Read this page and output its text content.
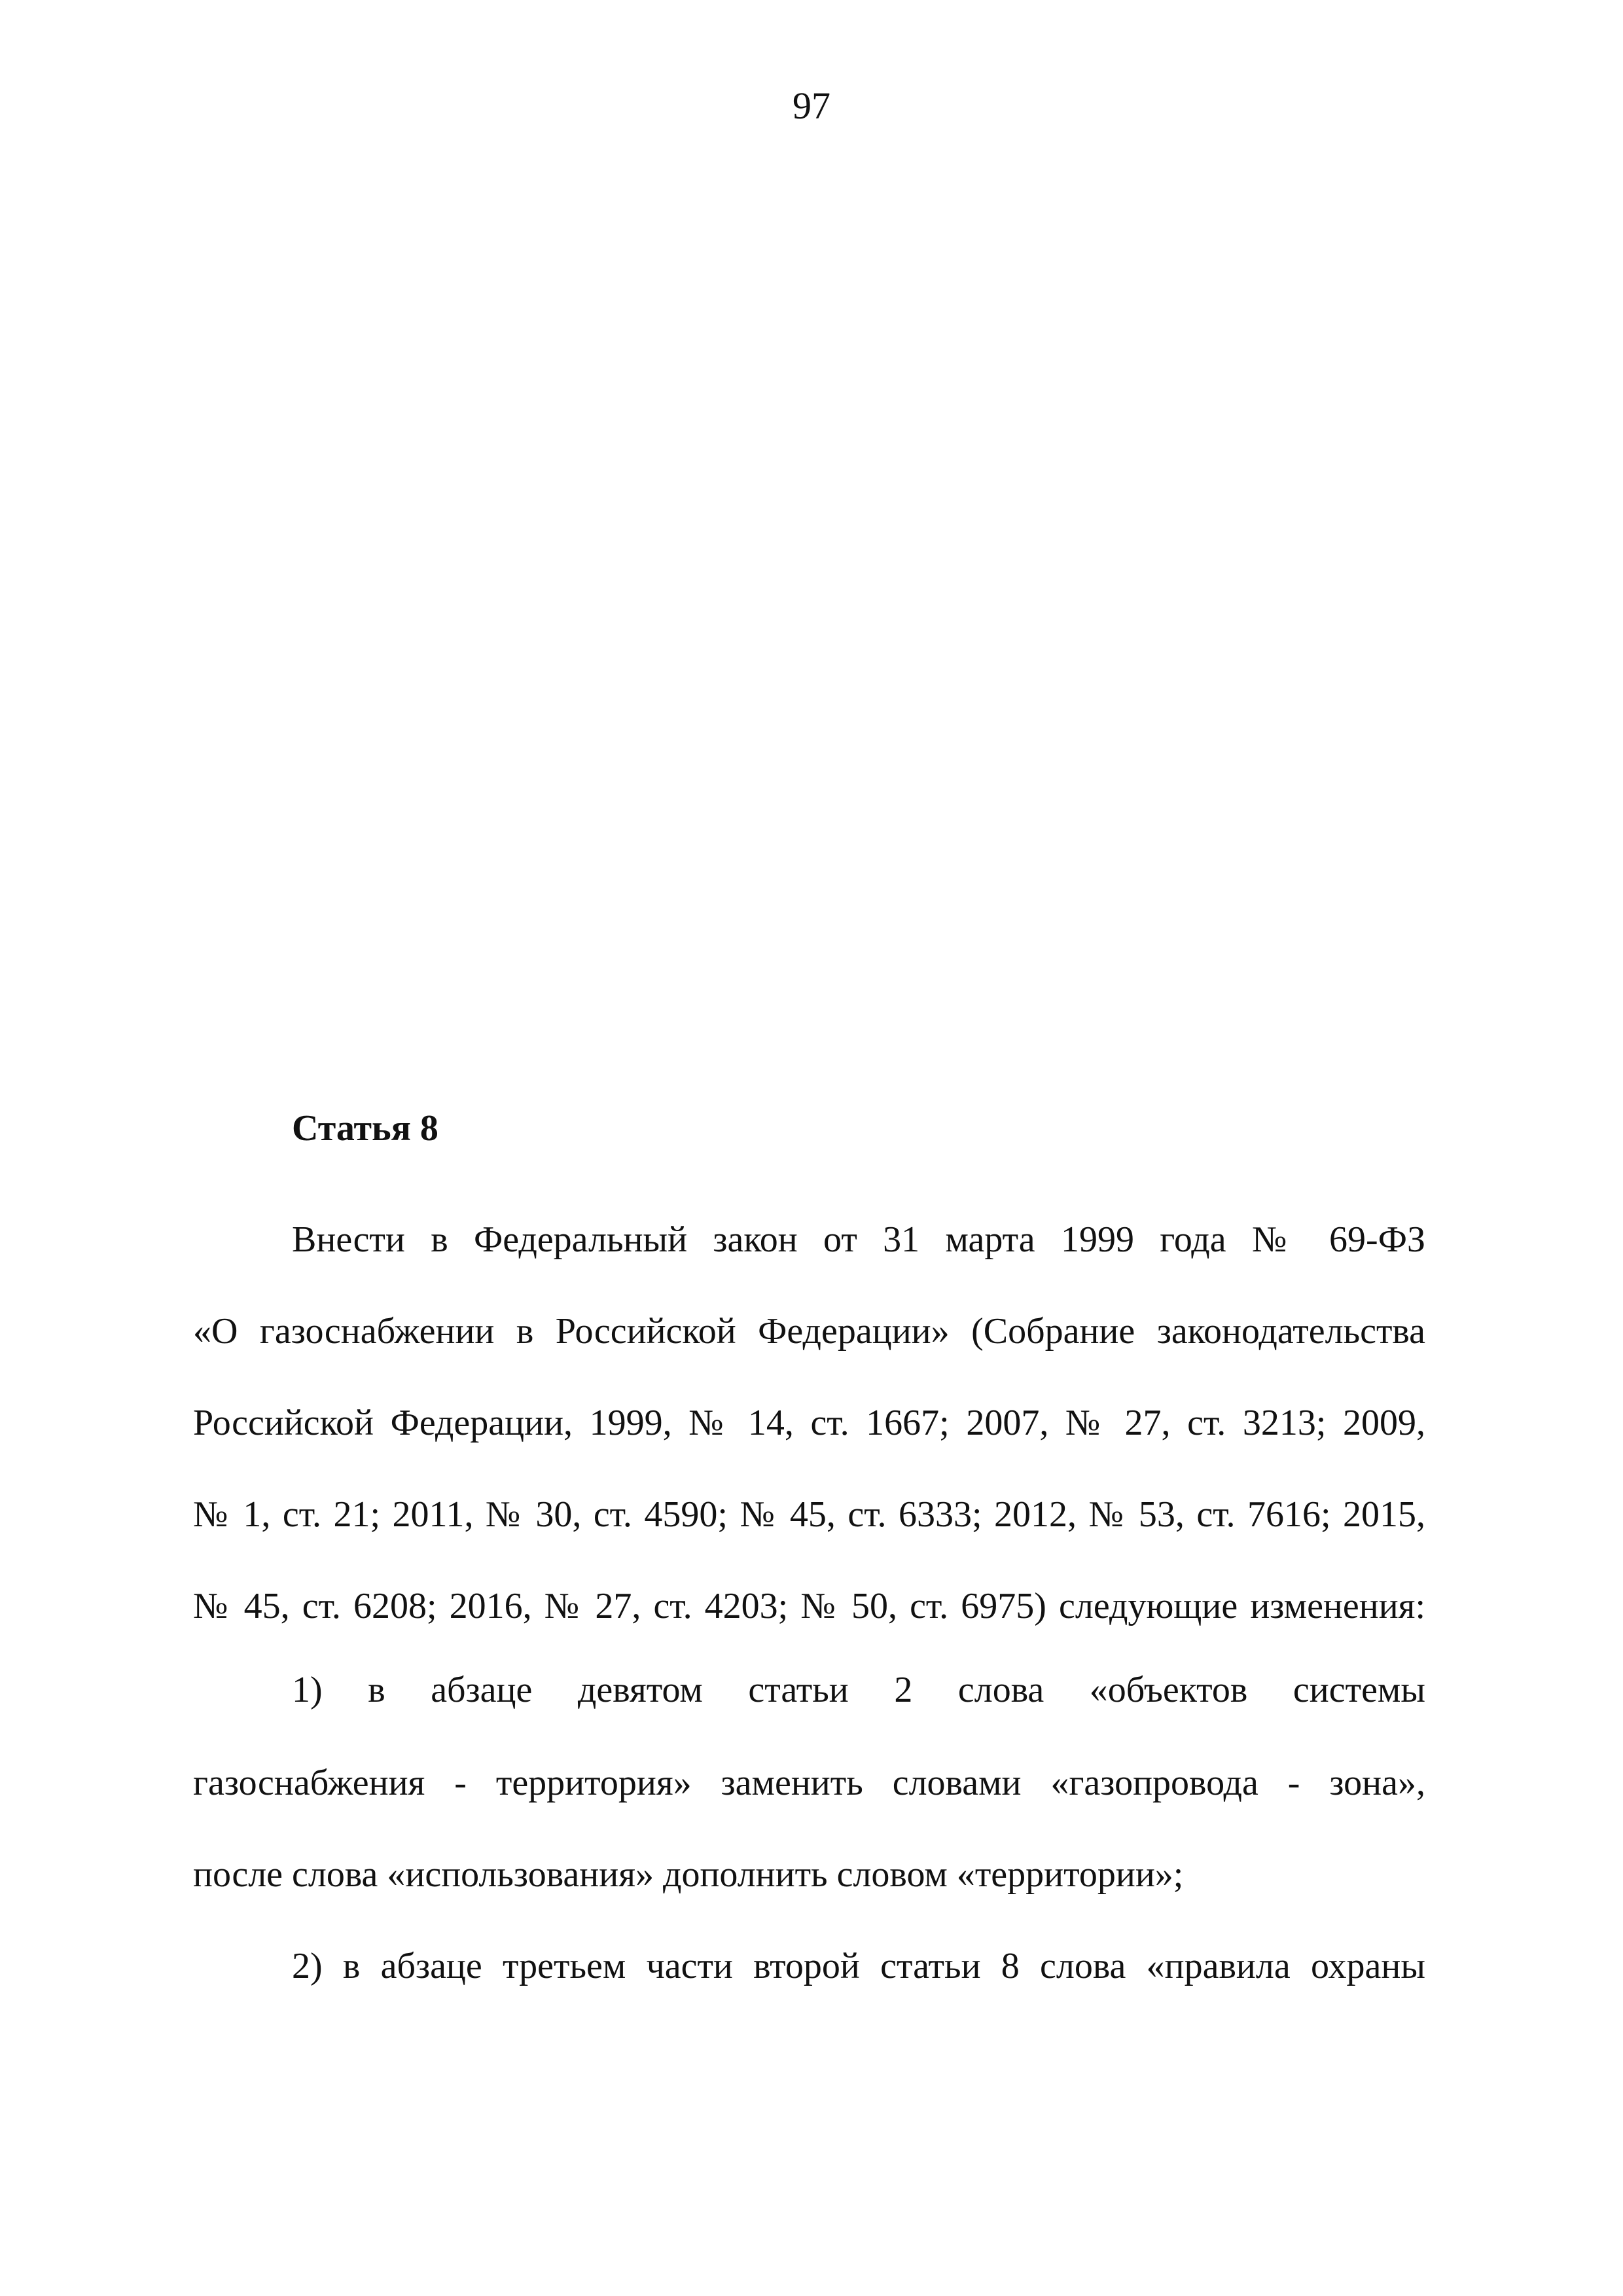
97
Статья 8
Внести в Федеральный закон от 31 марта 1999 года № 69-ФЗ
«О газоснабжении в Российской Федерации» (Собрание законодательства
Российской Федерации, 1999, № 14, ст. 1667; 2007, № 27, ст. 3213; 2009,
№ 1, ст. 21; 2011, № 30, ст. 4590; № 45, ст. 6333; 2012, № 53, ст. 7616; 2015,
№ 45, ст. 6208; 2016, № 27, ст. 4203; № 50, ст. 6975) следующие изменения:
1) в абзаце девятом статьи 2 слова «объектов системы
газоснабжения - территория» заменить словами «газопровода - зона»,
после слова «использования» дополнить словом «территории»;
2) в абзаце третьем части второй статьи 8 слова «правила охраны
